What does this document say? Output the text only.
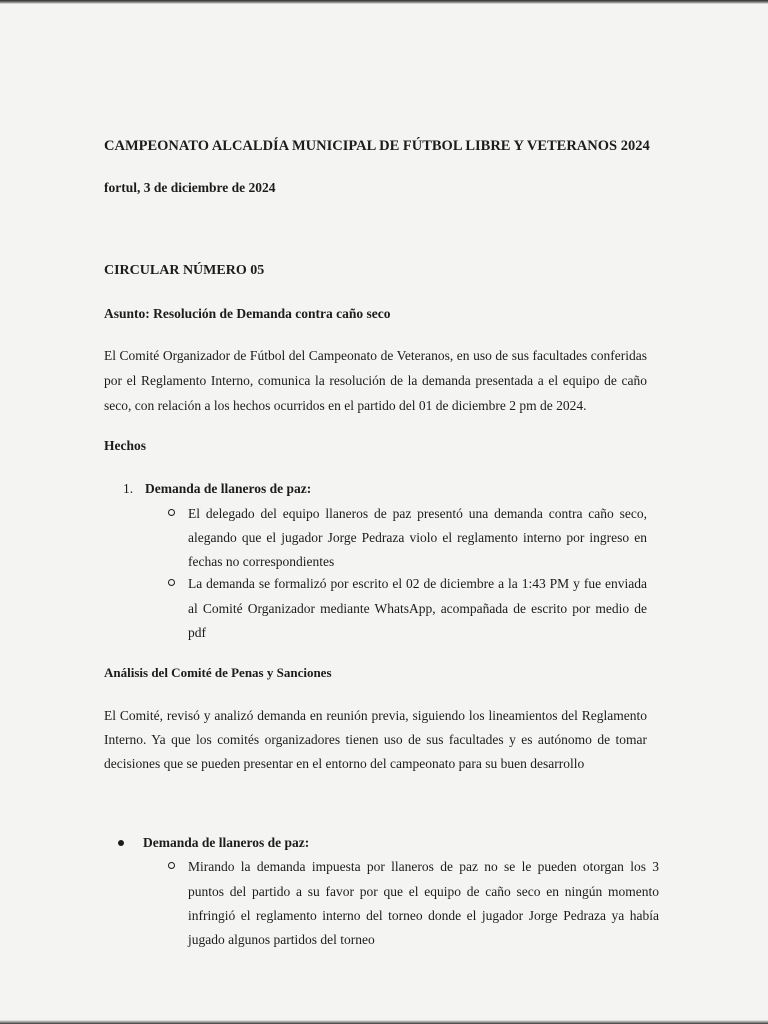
CAMPEONATO ALCALDÍA MUNICIPAL DE FÚTBOL LIBRE Y VETERANOS 2024
fortul, 3 de diciembre de 2024
CIRCULAR NÚMERO 05
Asunto: Resolución de Demanda contra caño seco
El Comité Organizador de Fútbol del Campeonato de Veteranos, en uso de sus facultades conferidas
por el Reglamento Interno, comunica la resolución de la demanda presentada a el equipo de caño
seco, con relación a los hechos ocurridos en el partido del 01 de diciembre 2 pm de 2024.
Hechos
1. Demanda de llaneros de paz:
El delegado del equipo llaneros de paz presentó una demanda contra caño seco,
alegando que el jugador Jorge Pedraza violo el reglamento interno por ingreso en
fechas no correspondientes
La demanda se formalizó por escrito el 02 de diciembre a la 1:43 PM y fue enviada
al Comité Organizador mediante WhatsApp, acompañada de escrito por medio de
pdf
Análisis del Comité de Penas y Sanciones
El Comité, revisó y analizó demanda en reunión previa, siguiendo los lineamientos del Reglamento
Interno. Ya que los comités organizadores tienen uso de sus facultades y es autónomo de tomar
decisiones que se pueden presentar en el entorno del campeonato para su buen desarrollo
Demanda de llaneros de paz:
Mirando la demanda impuesta por llaneros de paz no se le pueden otorgan los 3
puntos del partido a su favor por que el equipo de caño seco en ningún momento
infringió el reglamento interno del torneo donde el jugador Jorge Pedraza ya había
jugado algunos partidos del torneo
